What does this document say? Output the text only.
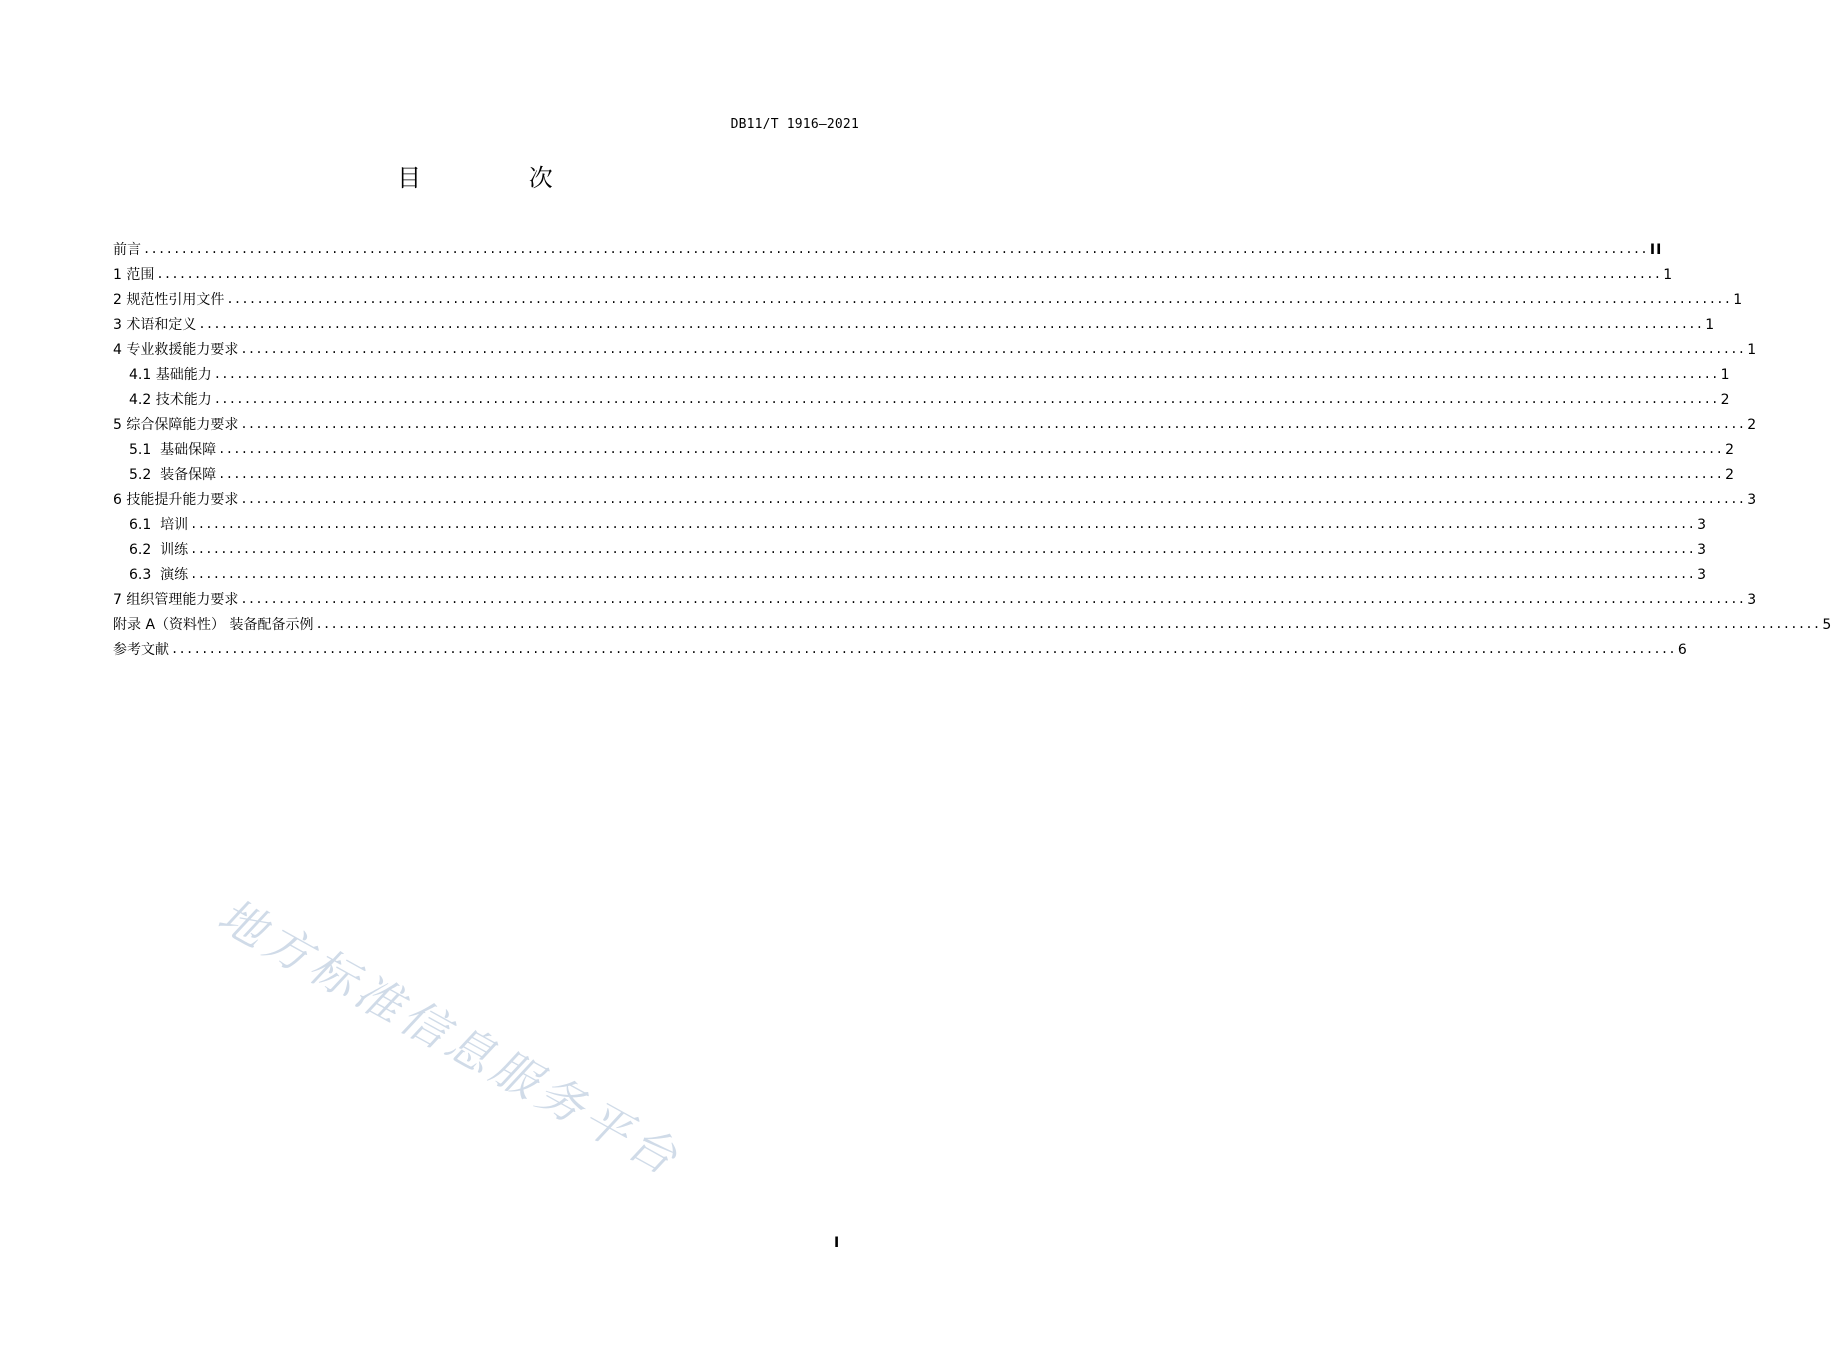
DB11/T 1916—2021
目 次
前言 ........................................................................................................................................................................................................ II
1 范围 ........................................................................................................................................................................................................ 1
2 规范性引用文件 ........................................................................................................................................................................................................ 1
3 术语和定义 ........................................................................................................................................................................................................ 1
4 专业救援能力要求 ........................................................................................................................................................................................................ 1
4.1 基础能力 ........................................................................................................................................................................................................ 1
4.2 技术能力 ........................................................................................................................................................................................................ 2
5 综合保障能力要求 ........................................................................................................................................................................................................ 2
5.1  基础保障 ........................................................................................................................................................................................................ 2
5.2  装备保障 ........................................................................................................................................................................................................ 2
6 技能提升能力要求 ........................................................................................................................................................................................................ 3
6.1  培训 ........................................................................................................................................................................................................ 3
6.2  训练 ........................................................................................................................................................................................................ 3
6.3  演练 ........................................................................................................................................................................................................ 3
7 组织管理能力要求 ........................................................................................................................................................................................................ 3
附录 A（资料性） 装备配备示例 ........................................................................................................................................................................................................ 5
参考文献 ........................................................................................................................................................................................................ 6
地方标准信息服务平台
I
